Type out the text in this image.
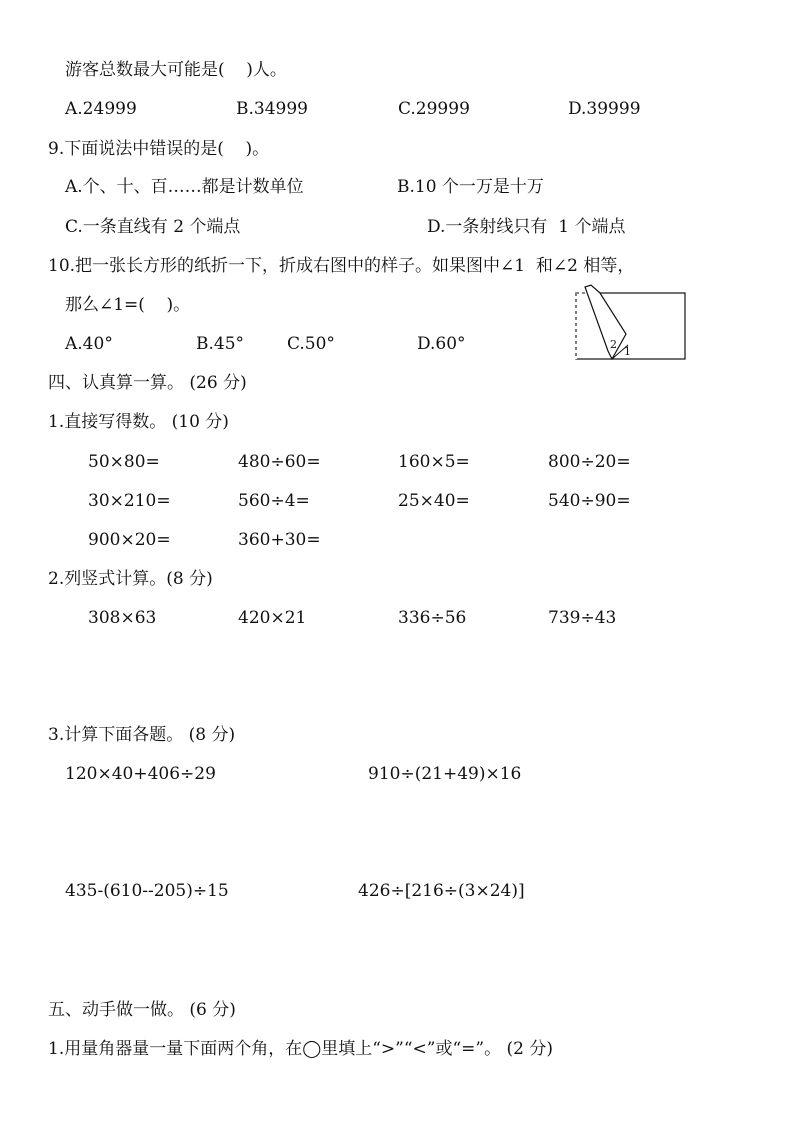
游客总数最大可能是(    )人。
A.24999	B.34999	C.29999	D.39999
9.下面说法中错误的是(    )。
A.个、十、百……都是计数单位	B.10 个一万是十万
C.一条直线有 2 个端点	D.一条射线只有  1 个端点
10.把一张长方形的纸折一下，折成右图中的样子。如果图中∠1  和∠2 相等，
那么∠1=(    )。
A.40°	B.45°	C.50°	D.60°	2
1
四、认真算一算。 (26 分)
1.直接写得数。 (10 分)
50×80=	480÷60=	160×5=	800÷20=
30×210=	560÷4=	25×40=	540÷90=
900×20=	360+30=
2.列竖式计算。(8 分)
308×63	420×21	336÷56	739÷43
3.计算下面各题。 (8 分)
120×40+406÷29	910÷(21+49)×16
435-(610--205)÷15	426÷[216÷(3×24)]
五、动手做一做。 (6 分)
1.用量角器量一量下面两个角，在◯里填上“>”“<”或“=”。 (2 分)
